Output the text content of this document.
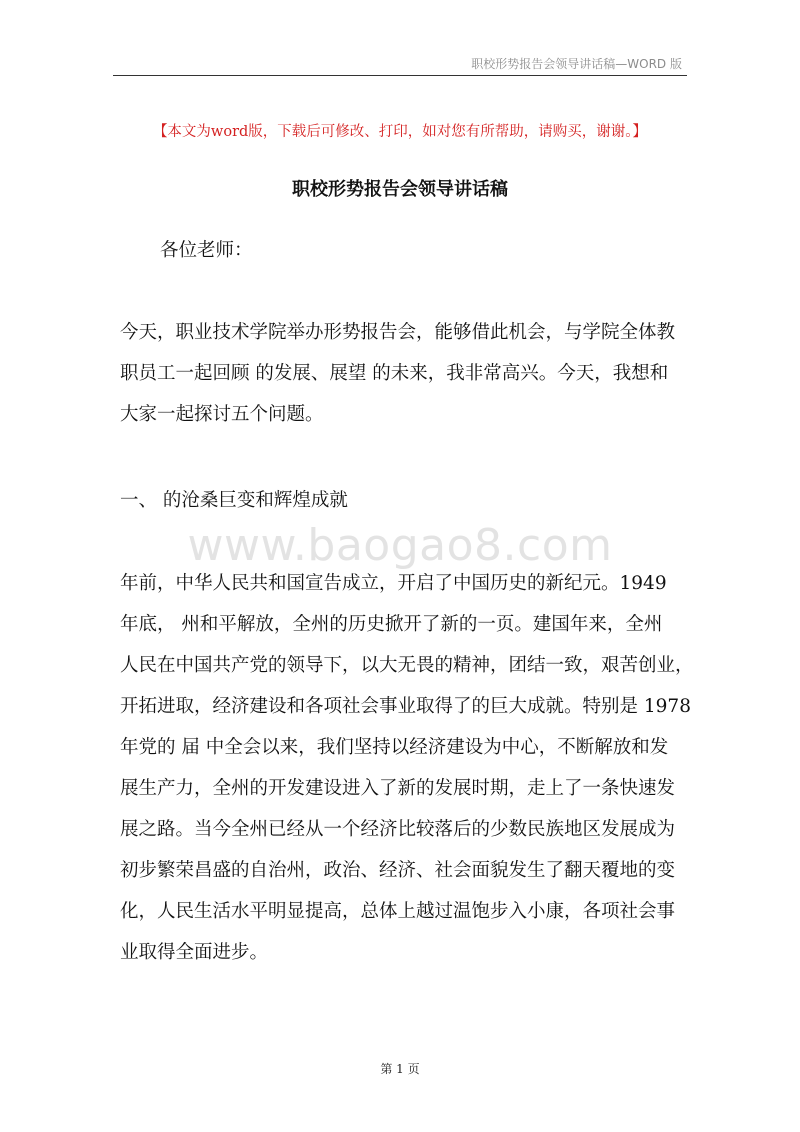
职校形势报告会领导讲话稿—WORD 版
【本文为word版，下载后可修改、打印，如对您有所帮助，请购买，谢谢。】
职校形势报告会领导讲话稿
各位老师：

今天，职业技术学院举办形势报告会，能够借此机会，与学院全体教

职员工一起回顾 的发展、展望 的未来，我非常高兴。今天，我想和

大家一起探讨五个问题。

一、 的沧桑巨变和辉煌成就
www.baogao8.com

年前，中华人民共和国宣告成立，开启了中国历史的新纪元。1949

年底， 州和平解放，全州的历史掀开了新的一页。建国年来，全州

人民在中国共产党的领导下，以大无畏的精神，团结一致，艰苦创业，

开拓进取，经济建设和各项社会事业取得了的巨大成就。特别是 1978

年党的 届 中全会以来，我们坚持以经济建设为中心，不断解放和发

展生产力，全州的开发建设进入了新的发展时期，走上了一条快速发

展之路。当今全州已经从一个经济比较落后的少数民族地区发展成为

初步繁荣昌盛的自治州，政治、经济、社会面貌发生了翻天覆地的变

化，人民生活水平明显提高，总体上越过温饱步入小康，各项社会事

业取得全面进步。

第 1 页
